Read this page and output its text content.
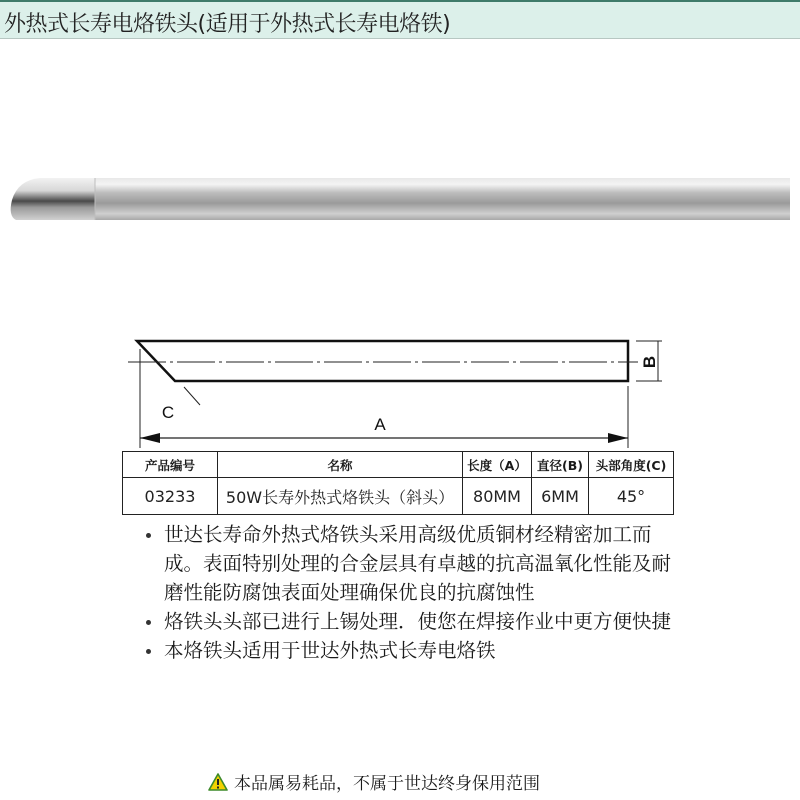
外热式长寿电烙铁头(适用于外热式长寿电烙铁)
A
C
B
产品编号	名称	长度（A）	直径(B)	头部角度(C)
03233	50W长寿外热式烙铁头（斜头）	80MM	6MM	45°
世达长寿命外热式烙铁头采用高级优质铜材经精密加工而成。表面特别处理的合金层具有卓越的抗高温氧化性能及耐磨性能防腐蚀表面处理确保优良的抗腐蚀性
烙铁头头部已进行上锡处理．使您在焊接作业中更方便快捷
本烙铁头适用于世达外热式长寿电烙铁
本品属易耗品，不属于世达终身保用范围
